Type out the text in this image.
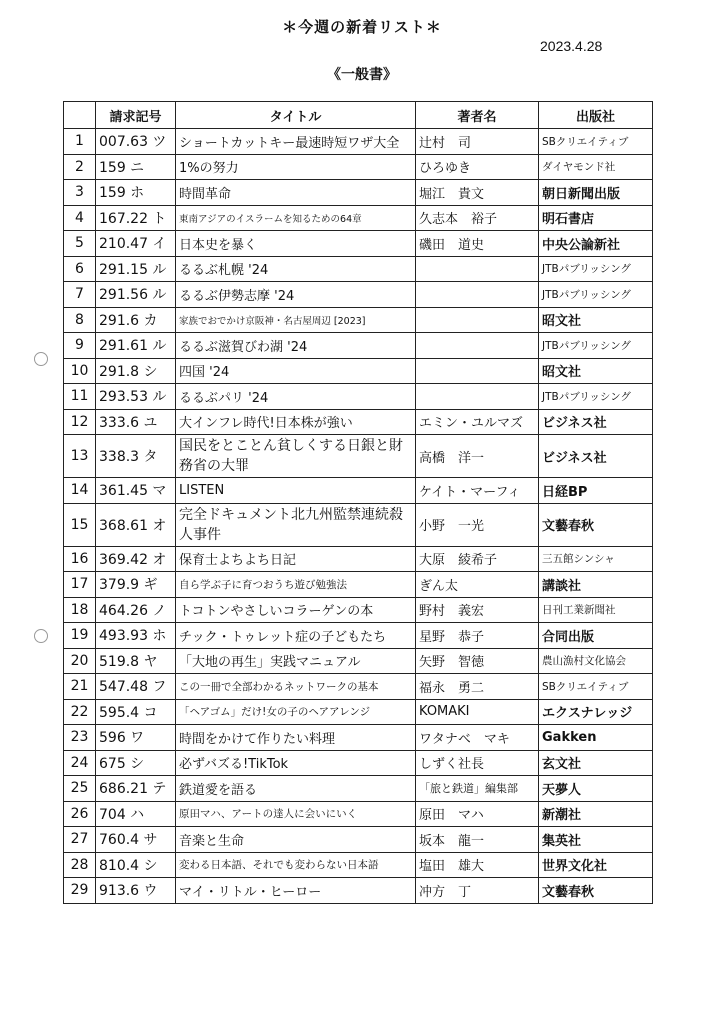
＊今週の新着リスト＊
2023.4.28
《一般書》
	請求記号	タイトル	著者名	出版社
1	007.63 ツ	ショートカットキー最速時短ワザ大全	辻村　司	SBクリエイティブ
2	159 ニ	1%の努力	ひろゆき	ダイヤモンド社
3	159 ホ	時間革命	堀江　貴文	朝日新聞出版
4	167.22 ト	東南アジアのイスラームを知るための64章	久志本　裕子	明石書店
5	210.47 イ	日本史を暴く	磯田　道史	中央公論新社
6	291.15 ル	るるぶ札幌 '24		JTBパブリッシング
7	291.56 ル	るるぶ伊勢志摩 '24		JTBパブリッシング
8	291.6 カ	家族でおでかけ京阪神・名古屋周辺 [2023]		昭文社
9	291.61 ル	るるぶ滋賀びわ湖 '24		JTBパブリッシング
10	291.8 シ	四国 '24		昭文社
11	293.53 ル	るるぶパリ '24		JTBパブリッシング
12	333.6 ユ	大インフレ時代!日本株が強い	エミン・ユルマズ	ビジネス社
13	338.3 タ	国民をとことん貧しくする日銀と財務省の大罪	高橋　洋一	ビジネス社
14	361.45 マ	LISTEN	ケイト・マーフィ	日経BP
15	368.61 オ	完全ドキュメント北九州監禁連続殺人事件	小野　一光	文藝春秋
16	369.42 オ	保育士よちよち日記	大原　綾希子	三五館シンシャ
17	379.9 ギ	自ら学ぶ子に育つおうち遊び勉強法	ぎん太	講談社
18	464.26 ノ	トコトンやさしいコラーゲンの本	野村　義宏	日刊工業新聞社
19	493.93 ホ	チック・トゥレット症の子どもたち	星野　恭子	合同出版
20	519.8 ヤ	「大地の再生」実践マニュアル	矢野　智徳	農山漁村文化協会
21	547.48 フ	この一冊で全部わかるネットワークの基本	福永　勇二	SBクリエイティブ
22	595.4 コ	「ヘアゴム」だけ!女の子のヘアアレンジ	KOMAKI	エクスナレッジ
23	596 ワ	時間をかけて作りたい料理	ワタナベ　マキ	Gakken
24	675 シ	必ずバズる!TikTok	しずく社長	玄文社
25	686.21 テ	鉄道愛を語る	「旅と鉄道」編集部	天夢人
26	704 ハ	原田マハ、アートの達人に会いにいく	原田　マハ	新潮社
27	760.4 サ	音楽と生命	坂本　龍一	集英社
28	810.4 シ	変わる日本語、それでも変わらない日本語	塩田　雄大	世界文化社
29	913.6 ウ	マイ・リトル・ヒーロー	冲方　丁	文藝春秋
